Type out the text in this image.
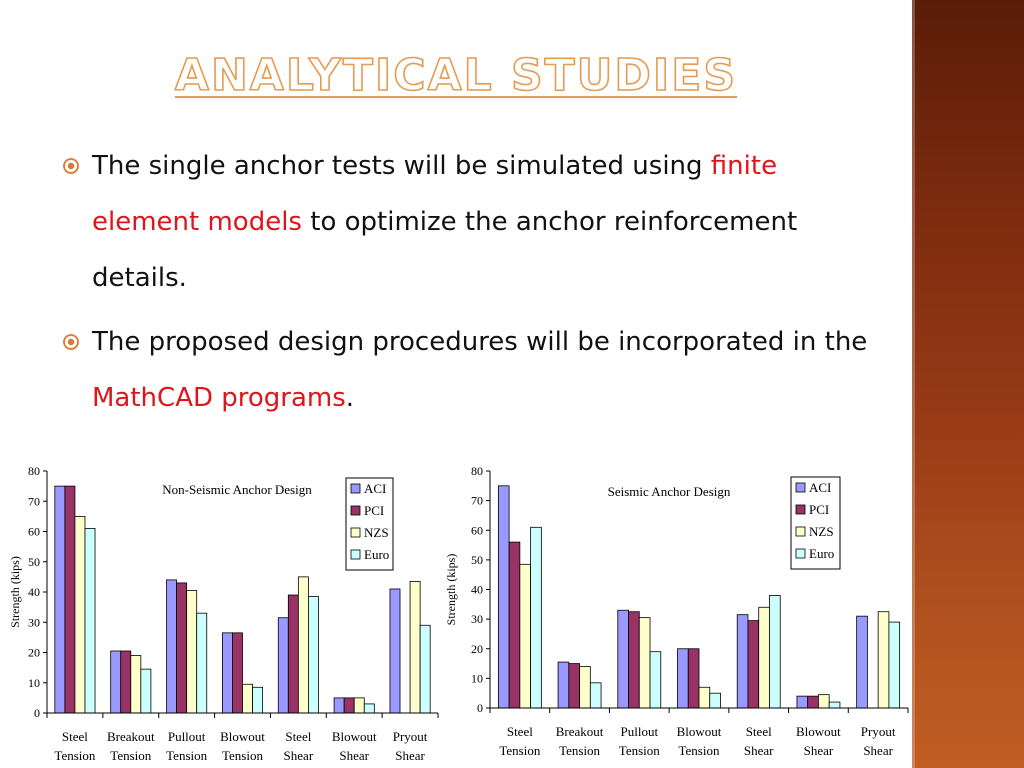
ANALYTICAL STUDIES
The single anchor tests will be simulated using finite element models to optimize the anchor reinforcement details.
The proposed design procedures will be incorporated in the MathCAD programs.
0
10
20
30
40
50
60
70
80
Steel Tension
Breakout Tension
Pullout Tension
Blowout Tension
Steel Shear
Blowout Shear
Pryout Shear
Strength (kips)
Non-Seismic Anchor Design	ACI
PCI
NZS
Euro
0
10
20
30
40
50
60
70
80
Steel Tension
Breakout Tension
Pullout Tension
Blowout Tension
Steel Shear
Blowout Shear
Pryout Shear
Strength (kips)
Seismic Anchor Design	ACI
PCI
NZS
Euro
